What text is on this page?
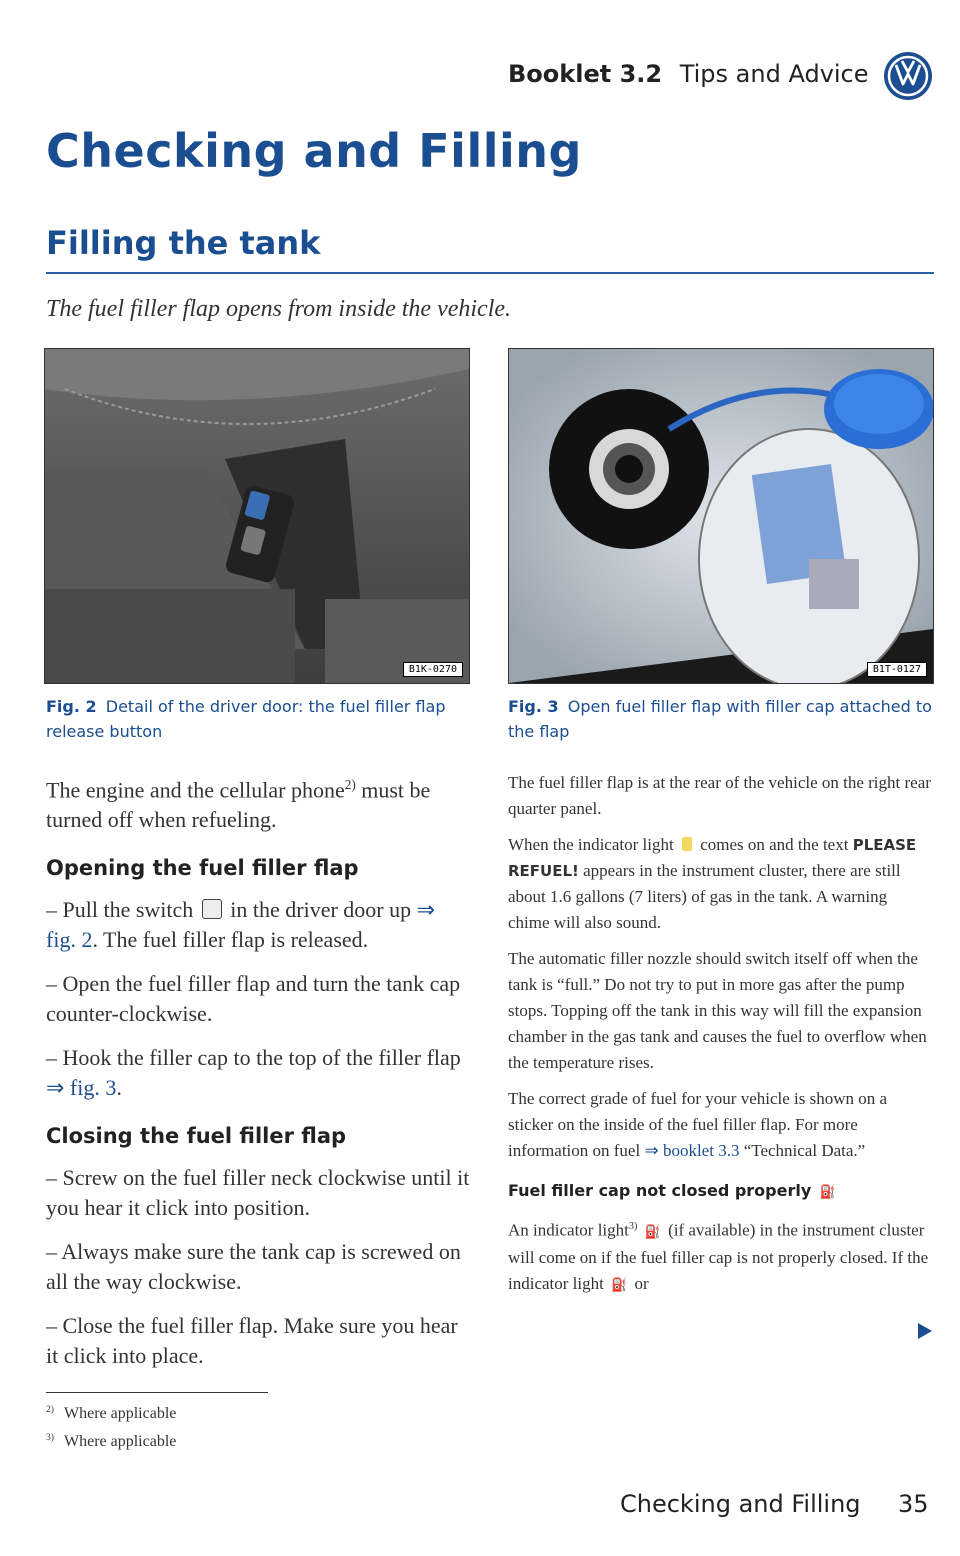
Booklet 3.2 Tips and Advice
Checking and Filling
Filling the tank
The fuel filler flap opens from inside the vehicle.
B1K-0270
Fig. 2 Detail of the driver door: the fuel filler flap release button
B1T-0127
Fig. 3 Open fuel filler flap with filler cap attached to the flap
The engine and the cellular phone$^{2)}$ must be turned off when refueling.
Opening the fuel filler flap
– Pull the switch in the driver door up ⇒ fig. 2. The fuel filler flap is released.
– Open the fuel filler flap and turn the tank cap counter-clockwise.
– Hook the filler cap to the top of the filler flap ⇒ fig. 3.
Closing the fuel filler flap
– Screw on the fuel filler neck clockwise until it you hear it click into position.
– Always make sure the tank cap is screwed on all the way clockwise.
– Close the fuel filler flap. Make sure you hear it click into place.
The fuel filler flap is at the rear of the vehicle on the right rear quarter panel.
When the indicator light comes on and the text PLEASE REFUEL! appears in the instrument cluster, there are still about 1.6 gallons (7 liters) of gas in the tank. A warning chime will also sound.
The automatic filler nozzle should switch itself off when the tank is “full.” Do not try to put in more gas after the pump stops. Topping off the tank in this way will fill the expansion chamber in the gas tank and causes the fuel to overflow when the temperature rises.
The correct grade of fuel for your vehicle is shown on a sticker on the inside of the fuel filler flap. For more information on fuel ⇒ booklet 3.3 “Technical Data.”
Fuel filler cap not closed properly ⛽
An indicator light$^{3)}$ ⛽ (if available) in the instrument cluster will come on if the fuel filler cap is not properly closed. If the indicator light ⛽ or
$^{2)}$ Where applicable
$^{3)}$ Where applicable
Checking and Filling 35
